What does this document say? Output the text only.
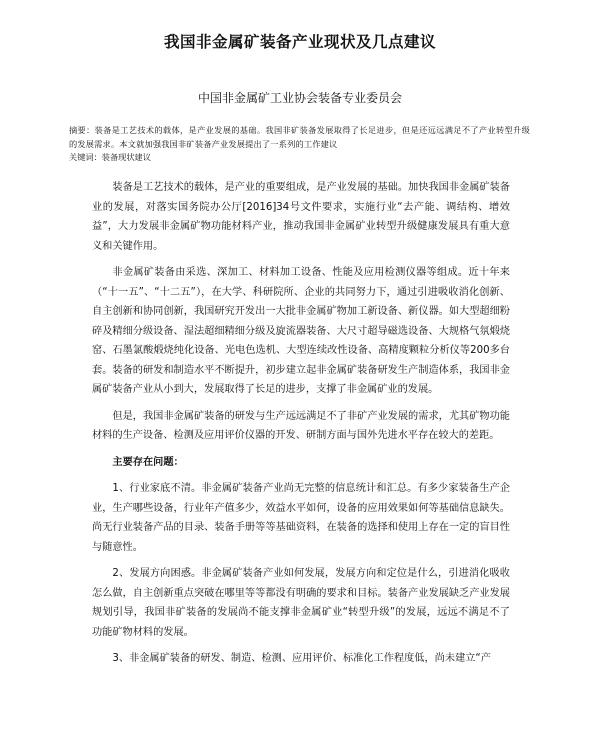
我国非金属矿装备产业现状及几点建议
中国非金属矿工业协会装备专业委员会
摘要：装备是工艺技术的载体，是产业发展的基础。我国非矿装备发展取得了长足进步，但是还远远满足不了产业转型升级的发展需求。本文就加强我国非矿装备产业发展提出了一系列的工作建议
关键词：装备现状建议

装备是工艺技术的载体，是产业的重要组成，是产业发展的基础。加快我国非金属矿装备业的发展，对落实国务院办公厅[2016]34号文件要求，实施行业“去产能、调结构、增效益”，大力发展非金属矿物功能材料产业，推动我国非金属矿业转型升级健康发展具有重大意义和关键作用。

非金属矿装备由采选、深加工、材料加工设备、性能及应用检测仪器等组成。近十年来（“十一五”、“十二五”），在大学、科研院所、企业的共同努力下，通过引进吸收消化创新、自主创新和协同创新，我国研究开发出一大批非金属矿物加工新设备、新仪器。如大型超细粉碎及精细分级设备、湿法超细精细分级及旋流器装备、大尺寸超导磁选设备、大规格气氛煅烧窑、石墨氯酸煅烧纯化设备、光电色选机、大型连续改性设备、高精度颗粒分析仪等200多台套。装备的研发和制造水平不断提升，初步建立起非金属矿装备研发生产制造体系，我国非金属矿装备产业从小到大，发展取得了长足的进步，支撑了非金属矿业的发展。

但是，我国非金属矿装备的研发与生产远远满足不了非矿产业发展的需求，尤其矿物功能材料的生产设备、检测及应用评价仪器的开发、研制方面与国外先进水平存在较大的差距。

主要存在问题：

1、行业家底不清。非金属矿装备产业尚无完整的信息统计和汇总。有多少家装备生产企业，生产哪些设备，行业年产值多少，效益水平如何，设备的应用效果如何等基础信息缺失。尚无行业装备产品的目录、装备手册等等基础资料，在装备的选择和使用上存在一定的盲目性与随意性。

2、发展方向困惑。非金属矿装备产业如何发展，发展方向和定位是什么，引进消化吸收怎么做，自主创新重点突破在哪里等等都没有明确的要求和目标。装备产业发展缺乏产业发展规划引导，我国非矿装备的发展尚不能支撑非金属矿业“转型升级”的发展，远远不满足不了功能矿物材料的发展。

3、非金属矿装备的研发、制造、检测、应用评价、标准化工作程度低，尚未建立“产
